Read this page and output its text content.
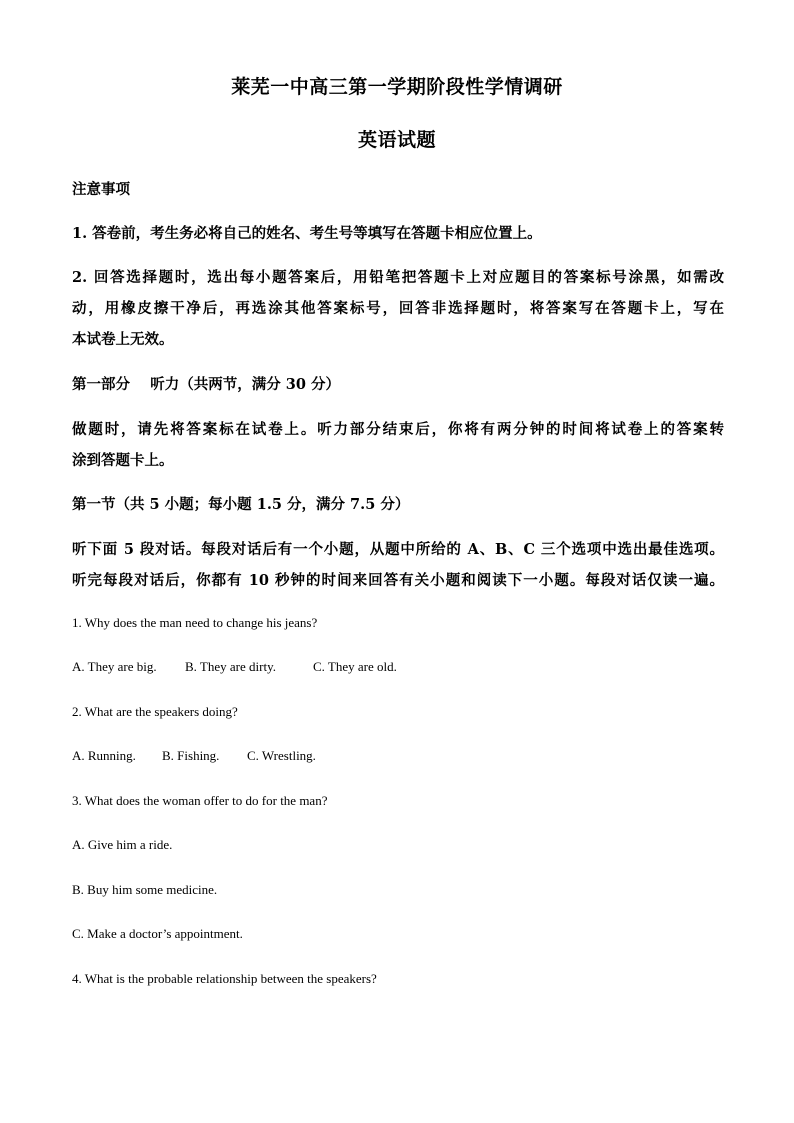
莱芜一中高三第一学期阶段性学情调研
英语试题
注意事项
1. 答卷前，考生务必将自己的姓名、考生号等填写在答题卡相应位置上。
2. 回答选择题时，选出每小题答案后，用铅笔把答题卡上对应题目的答案标号涂黑，如需改
动，用橡皮擦干净后，再选涂其他答案标号，回答非选择题时，将答案写在答题卡上，写在
本试卷上无效。
第一部分    听力（共两节，满分 30 分）
做题时，请先将答案标在试卷上。听力部分结束后，你将有两分钟的时间将试卷上的答案转
涂到答题卡上。
第一节（共 5 小题；每小题 1.5 分，满分 7.5 分）
听下面 5 段对话。每段对话后有一个小题，从题中所给的 A、B、C 三个选项中选出最佳选项。
听完每段对话后，你都有 10 秒钟的时间来回答有关小题和阅读下一小题。每段对话仅读一遍。
1. Why does the man need to change his jeans?
A. They are big. B. They are dirty.	C. They are old.
2. What are the speakers doing?
A. Running. B. Fishing. C. Wrestling.
3. What does the woman offer to do for the man?
A. Give him a ride.
B. Buy him some medicine.
C. Make a doctor’s appointment.
4. What is the probable relationship between the speakers?
